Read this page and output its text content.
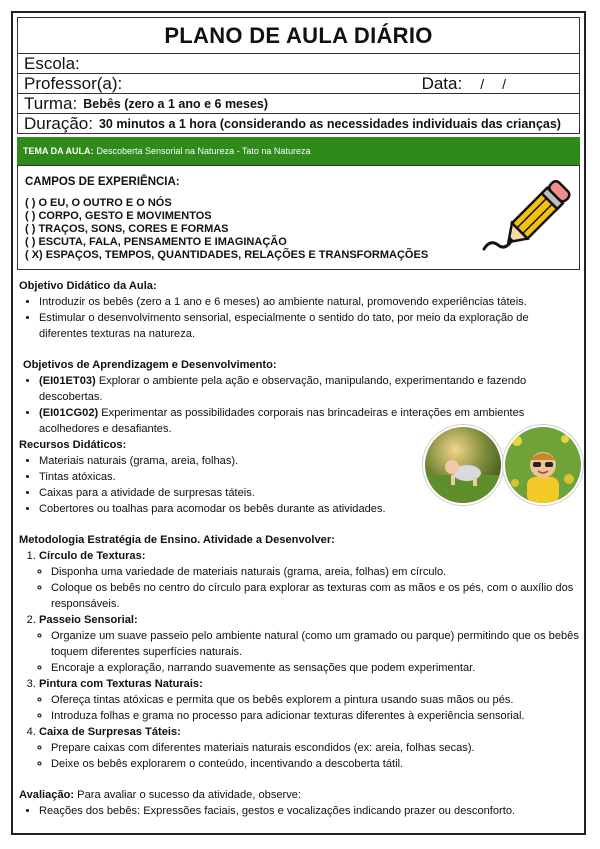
PLANO DE AULA DIÁRIO
Escola:
Professor(a):	Data: / /
Turma: Bebês (zero a 1 ano e 6 meses)
Duração: 30 minutos a 1 hora (considerando as necessidades individuais das crianças)
TEMA DA AULA: Descoberta Sensorial na Natureza - Tato na Natureza
CAMPOS DE EXPERIÊNCIA:
( ) O EU, O OUTRO E O NÓS
( ) CORPO, GESTO E MOVIMENTOS
( ) TRAÇOS, SONS, CORES E FORMAS
( ) ESCUTA, FALA, PENSAMENTO E IMAGINAÇÃO
( X) ESPAÇOS, TEMPOS, QUANTIDADES, RELAÇÕES E TRANSFORMAÇÕES

Objetivo Didático da Aula:

• Introduzir os bebês (zero a 1 ano e 6 meses) ao ambiente natural, promovendo experiências táteis.
• Estimular o desenvolvimento sensorial, especialmente o sentido do tato, por meio da exploração de diferentes texturas na natureza.

Objetivos de Aprendizagem e Desenvolvimento:

• (EI01ET03) Explorar o ambiente pela ação e observação, manipulando, experimentando e fazendo descobertas.
• (EI01CG02) Experimentar as possibilidades corporais nas brincadeiras e interações em ambientes acolhedores e desafiantes.

Recursos Didáticos:

• Materiais naturais (grama, areia, folhas).
• Tintas atóxicas.
• Caixas para a atividade de surpresas táteis.
• Cobertores ou toalhas para acomodar os bebês durante as atividades.

Metodologia Estratégia de Ensino. Atividade a Desenvolver:

1. Círculo de Texturas:
◦ Disponha uma variedade de materiais naturais (grama, areia, folhas) em círculo.
◦ Coloque os bebês no centro do círculo para explorar as texturas com as mãos e os pés, com o auxílio dos responsáveis.
2. Passeio Sensorial:
◦ Organize um suave passeio pelo ambiente natural (como um gramado ou parque) permitindo que os bebês toquem diferentes superfícies naturais.
◦ Encoraje a exploração, narrando suavemente as sensações que podem experimentar.
3. Pintura com Texturas Naturais:
◦ Ofereça tintas atóxicas e permita que os bebês explorem a pintura usando suas mãos ou pés.
◦ Introduza folhas e grama no processo para adicionar texturas diferentes à experiência sensorial.
4. Caixa de Surpresas Táteis:
◦ Prepare caixas com diferentes materiais naturais escondidos (ex: areia, folhas secas).
◦ Deixe os bebês explorarem o conteúdo, incentivando a descoberta tátil.

Avaliação: Para avaliar o sucesso da atividade, observe:

• Reações dos bebês: Expressões faciais, gestos e vocalizações indicando prazer ou desconforto.
